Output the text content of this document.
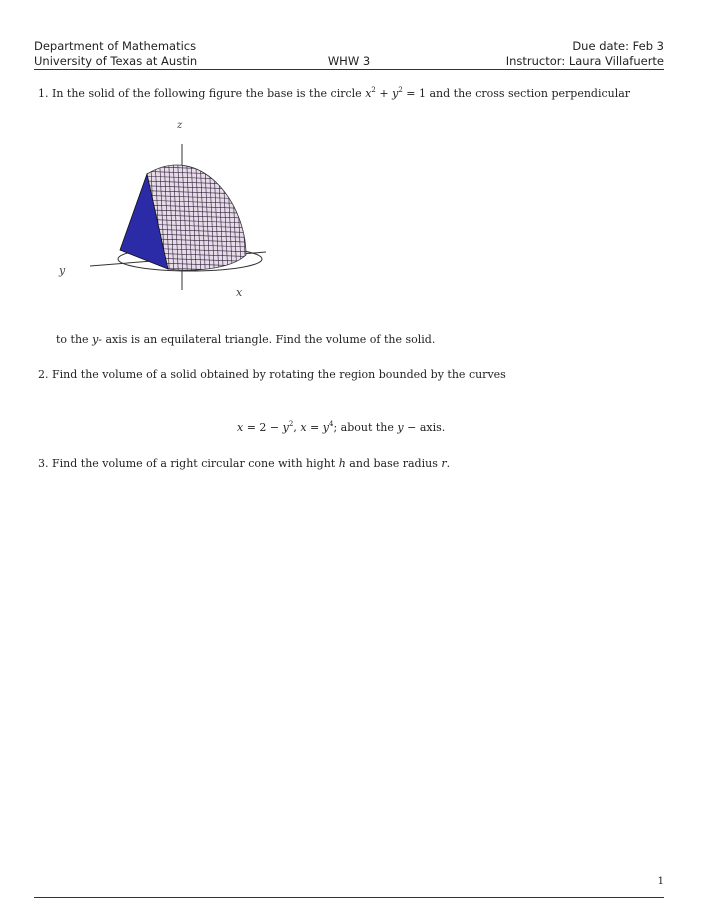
Department of Mathematics	Due date: Feb 3
University of Texas at Austin	WHW 3	Instructor: Laura Villafuerte
1. In the solid of the following figure the base is the circle $x^2 + y^2 = 1$ and the cross section perpendicular
z
y
x
to the y- axis is an equilateral triangle. Find the volume of the solid.
2. Find the volume of a solid obtained by rotating the region bounded by the curves
$x = 2 - y^2$, $x = y^4$; about the y − axis.
3. Find the volume of a right circular cone with hight h and base radius r.
1
